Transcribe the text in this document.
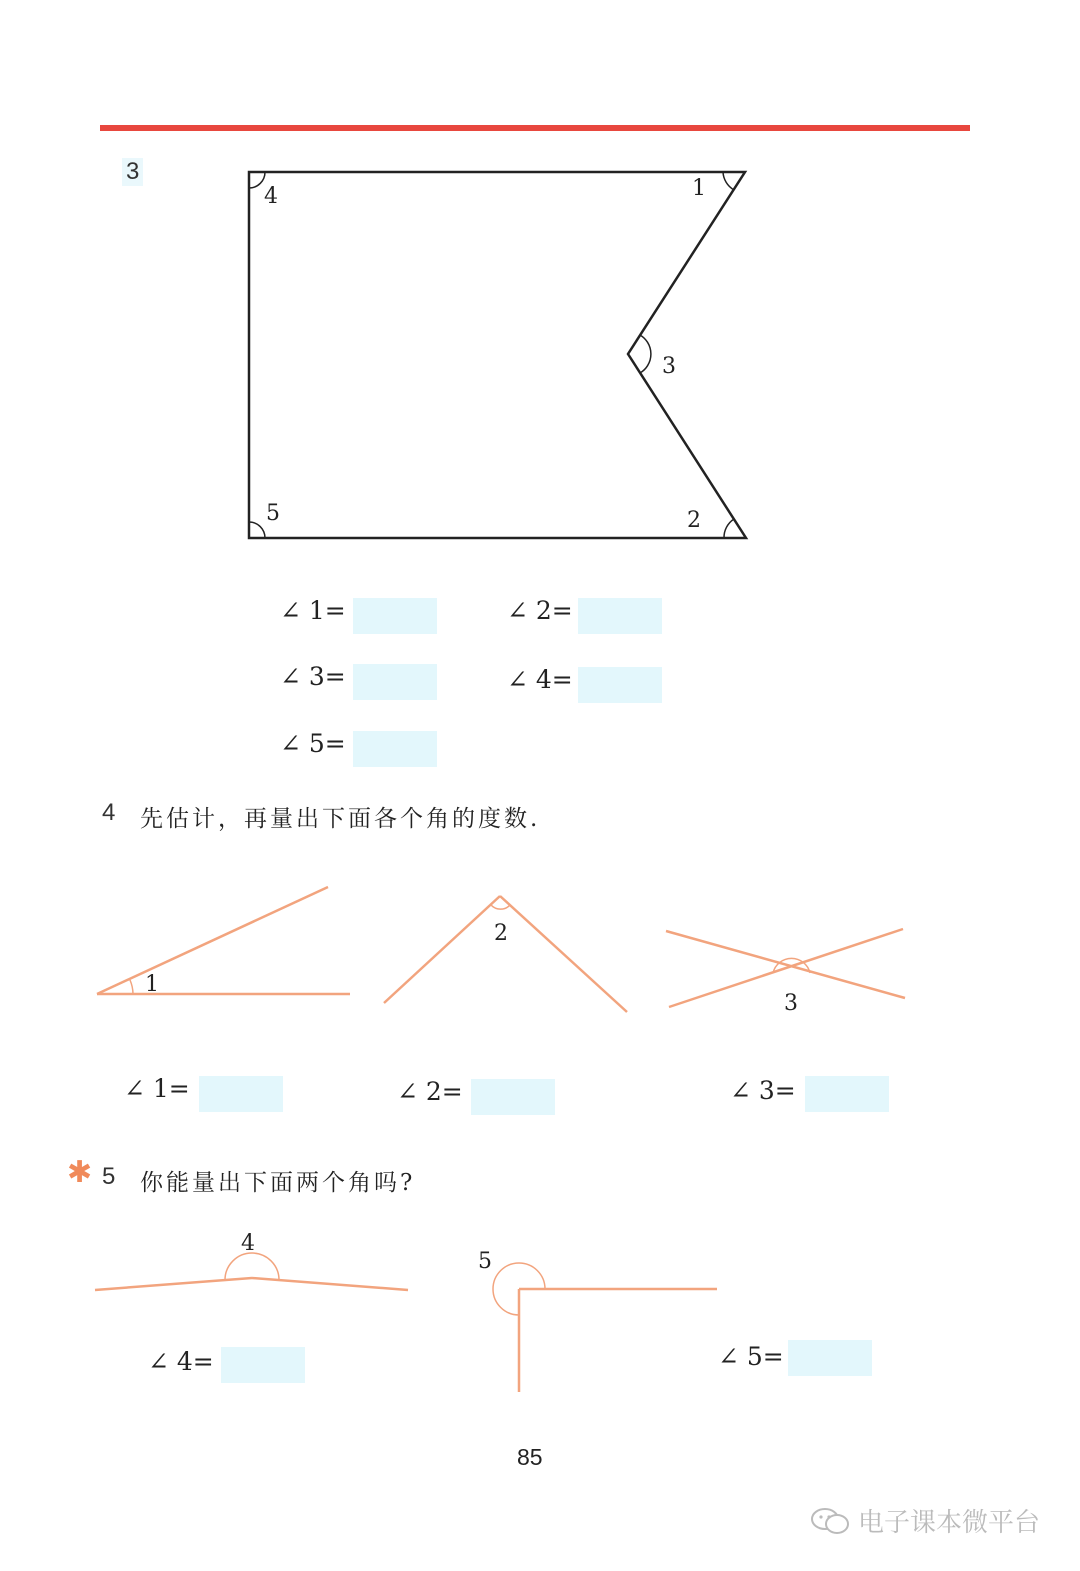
3
4	1
3
5	2
∠ 1=	∠ 2=
∠ 3=	∠ 4=
∠ 5=
4 先估计，再量出下面各个角的度数.
1
2
3
∠ 1=	∠ 2=	∠ 3=
✱ 5 你能量出下面两个角吗?
4
5
∠ 4=	∠ 5=
85
电子课本微平台
